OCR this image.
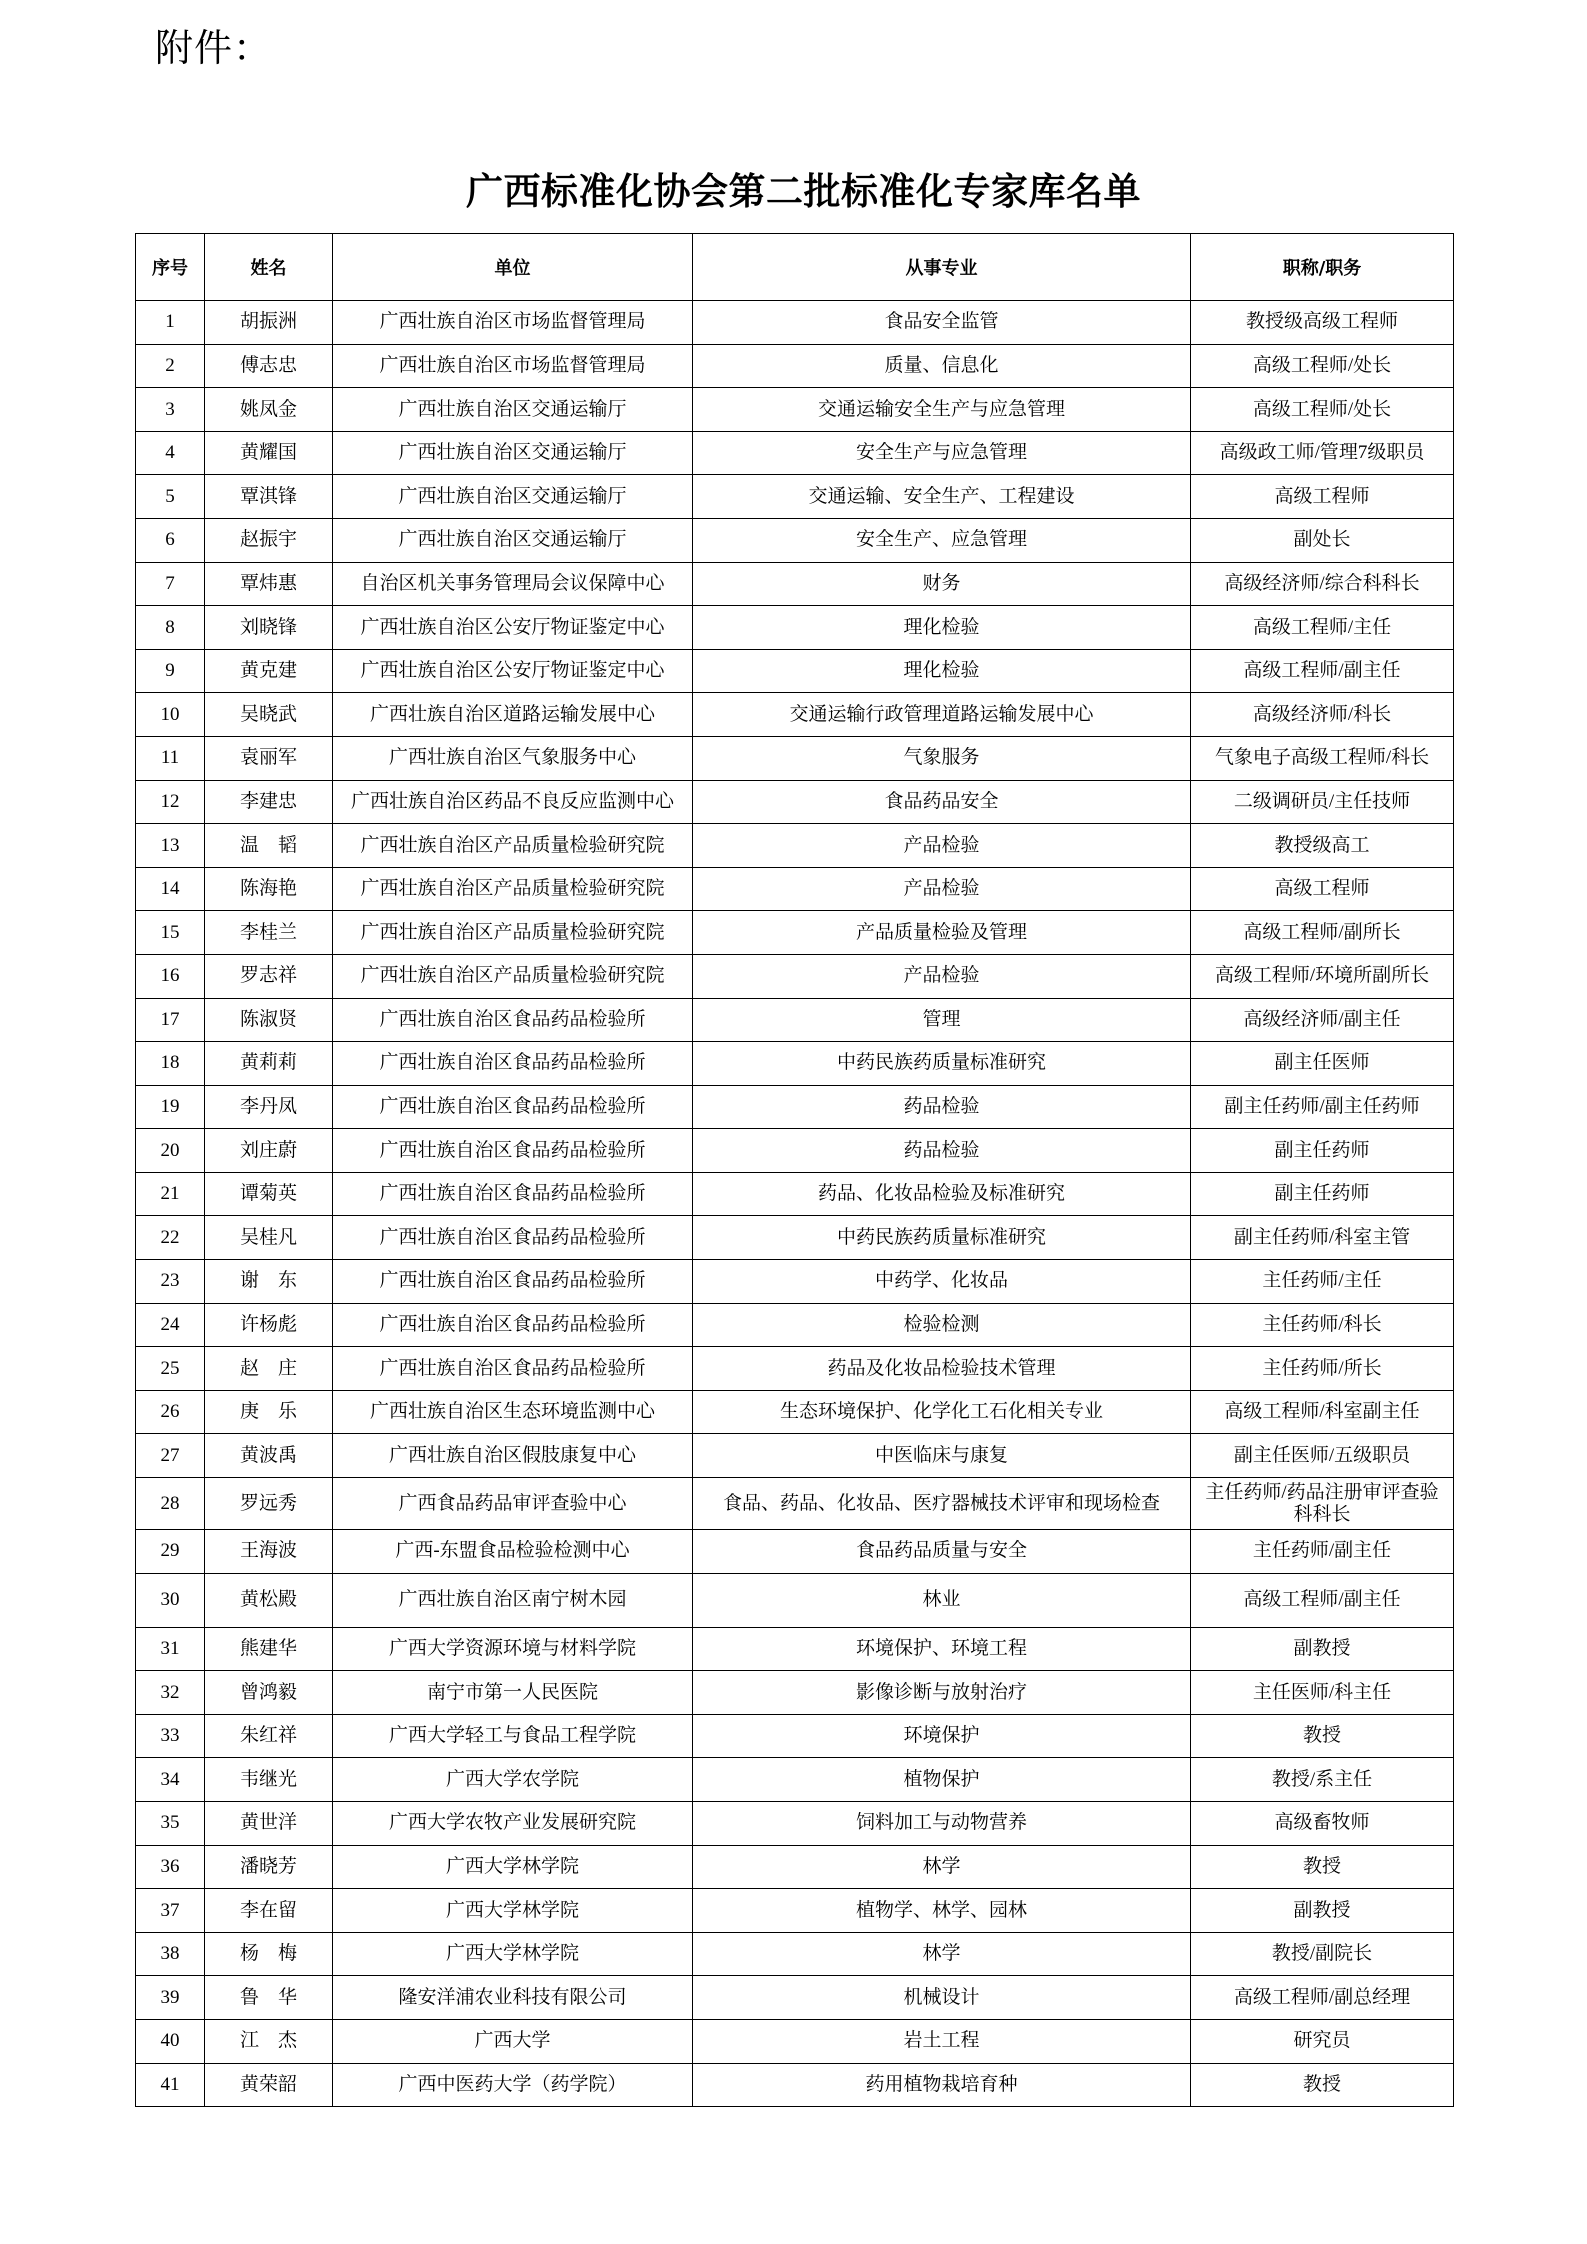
附件：
广西标准化协会第二批标准化专家库名单
序号	姓名	单位	从事专业	职称/职务
1	胡振洲	广西壮族自治区市场监督管理局	食品安全监管	教授级高级工程师
2	傅志忠	广西壮族自治区市场监督管理局	质量、信息化	高级工程师/处长
3	姚凤金	广西壮族自治区交通运输厅	交通运输安全生产与应急管理	高级工程师/处长
4	黄耀国	广西壮族自治区交通运输厅	安全生产与应急管理	高级政工师/管理7级职员
5	覃淇锋	广西壮族自治区交通运输厅	交通运输、安全生产、工程建设	高级工程师
6	赵振宇	广西壮族自治区交通运输厅	安全生产、应急管理	副处长
7	覃炜惠	自治区机关事务管理局会议保障中心	财务	高级经济师/综合科科长
8	刘晓锋	广西壮族自治区公安厅物证鉴定中心	理化检验	高级工程师/主任
9	黄克建	广西壮族自治区公安厅物证鉴定中心	理化检验	高级工程师/副主任
10	吴晓武	广西壮族自治区道路运输发展中心	交通运输行政管理道路运输发展中心	高级经济师/科长
11	袁丽军	广西壮族自治区气象服务中心	气象服务	气象电子高级工程师/科长
12	李建忠	广西壮族自治区药品不良反应监测中心	食品药品安全	二级调研员/主任技师
13	温　韬	广西壮族自治区产品质量检验研究院	产品检验	教授级高工
14	陈海艳	广西壮族自治区产品质量检验研究院	产品检验	高级工程师
15	李桂兰	广西壮族自治区产品质量检验研究院	产品质量检验及管理	高级工程师/副所长
16	罗志祥	广西壮族自治区产品质量检验研究院	产品检验	高级工程师/环境所副所长
17	陈淑贤	广西壮族自治区食品药品检验所	管理	高级经济师/副主任
18	黄莉莉	广西壮族自治区食品药品检验所	中药民族药质量标准研究	副主任医师
19	李丹凤	广西壮族自治区食品药品检验所	药品检验	副主任药师/副主任药师
20	刘庄蔚	广西壮族自治区食品药品检验所	药品检验	副主任药师
21	谭菊英	广西壮族自治区食品药品检验所	药品、化妆品检验及标准研究	副主任药师
22	吴桂凡	广西壮族自治区食品药品检验所	中药民族药质量标准研究	副主任药师/科室主管
23	谢　东	广西壮族自治区食品药品检验所	中药学、化妆品	主任药师/主任
24	许杨彪	广西壮族自治区食品药品检验所	检验检测	主任药师/科长
25	赵　庄	广西壮族自治区食品药品检验所	药品及化妆品检验技术管理	主任药师/所长
26	庚　乐	广西壮族自治区生态环境监测中心	生态环境保护、化学化工石化相关专业	高级工程师/科室副主任
27	黄波禹	广西壮族自治区假肢康复中心	中医临床与康复	副主任医师/五级职员
28	罗远秀	广西食品药品审评查验中心	食品、药品、化妆品、医疗器械技术评审和现场检查	主任药师/药品注册审评查验科科长
29	王海波	广西-东盟食品检验检测中心	食品药品质量与安全	主任药师/副主任
30	黄松殿	广西壮族自治区南宁树木园	林业	高级工程师/副主任
31	熊建华	广西大学资源环境与材料学院	环境保护、环境工程	副教授
32	曾鸿毅	南宁市第一人民医院	影像诊断与放射治疗	主任医师/科主任
33	朱红祥	广西大学轻工与食品工程学院	环境保护	教授
34	韦继光	广西大学农学院	植物保护	教授/系主任
35	黄世洋	广西大学农牧产业发展研究院	饲料加工与动物营养	高级畜牧师
36	潘晓芳	广西大学林学院	林学	教授
37	李在留	广西大学林学院	植物学、林学、园林	副教授
38	杨　梅	广西大学林学院	林学	教授/副院长
39	鲁　华	隆安洋浦农业科技有限公司	机械设计	高级工程师/副总经理
40	江　杰	广西大学	岩土工程	研究员
41	黄荣韶	广西中医药大学（药学院）	药用植物栽培育种	教授
